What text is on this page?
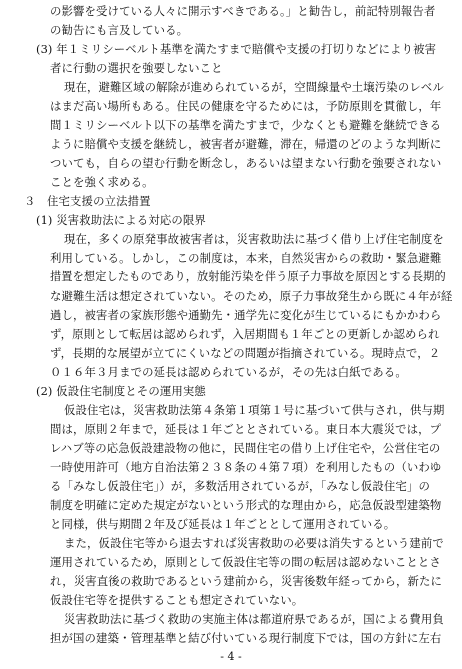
の影響を受けている人々に開示すべきである。」と勧告し，前記特別報告者
の勧告にも言及している。
(3) 年１ミリシーベルト基準を満たすまで賠償や支援の打切りなどにより被害
者に行動の選択を強要しないこと
現在，避難区域の解除が進められているが，空間線量や土壌汚染のレベル
はまだ高い場所もある。住民の健康を守るためには，予防原則を貫徹し，年
間１ミリシーベルト以下の基準を満たすまで，少なくとも避難を継続できる
ように賠償や支援を継続し，被害者が避難，滞在，帰還のどのような判断に
ついても，自らの望む行動を断念し，あるいは望まない行動を強要されない
ことを強く求める。
３　住宅支援の立法措置
(1) 災害救助法による対応の限界
現在，多くの原発事故被害者は，災害救助法に基づく借り上げ住宅制度を
利用している。しかし，この制度は，本来，自然災害からの救助・緊急避難
措置を想定したものであり，放射能汚染を伴う原子力事故を原因とする長期的
な避難生活は想定されていない。そのため，原子力事故発生から既に４年が経
過し，被害者の家族形態や通勤先・通学先に変化が生じているにもかかわら
ず，原則として転居は認められず，入居期間も１年ごとの更新しか認められ
ず，長期的な展望が立てにくいなどの問題が指摘されている。現時点で，２
０１６年３月までの延長は認められているが，その先は白紙である。
(2) 仮設住宅制度とその運用実態
仮設住宅は，災害救助法第４条第１項第１号に基づいて供与され，供与期
間は，原則２年まで，延長は１年ごととされている。東日本大震災では，プ
レハブ等の応急仮設建設物の他に，民間住宅の借り上げ住宅や，公営住宅の
一時使用許可（地方自治法第２３８条の４第７項）を利用したもの（いわゆ
る「みなし仮設住宅」）が，多数活用されているが，「みなし仮設住宅」の
制度を明確に定めた規定がないという形式的な理由から，応急仮設型建築物
と同様，供与期間２年及び延長は１年ごととして運用されている。
また，仮設住宅等から退去すれば災害救助の必要は消失するという建前で
運用されているため，原則として仮設住宅等の間の転居は認めないこととさ
れ，災害直後の救助であるという建前から，災害後数年経ってから，新たに
仮設住宅等を提供することも想定されていない。
災害救助法に基づく救助の実施主体は都道府県であるが，国による費用負
担が国の建築・管理基準と結び付いている現行制度下では，国の方針に左右
- 4 -
